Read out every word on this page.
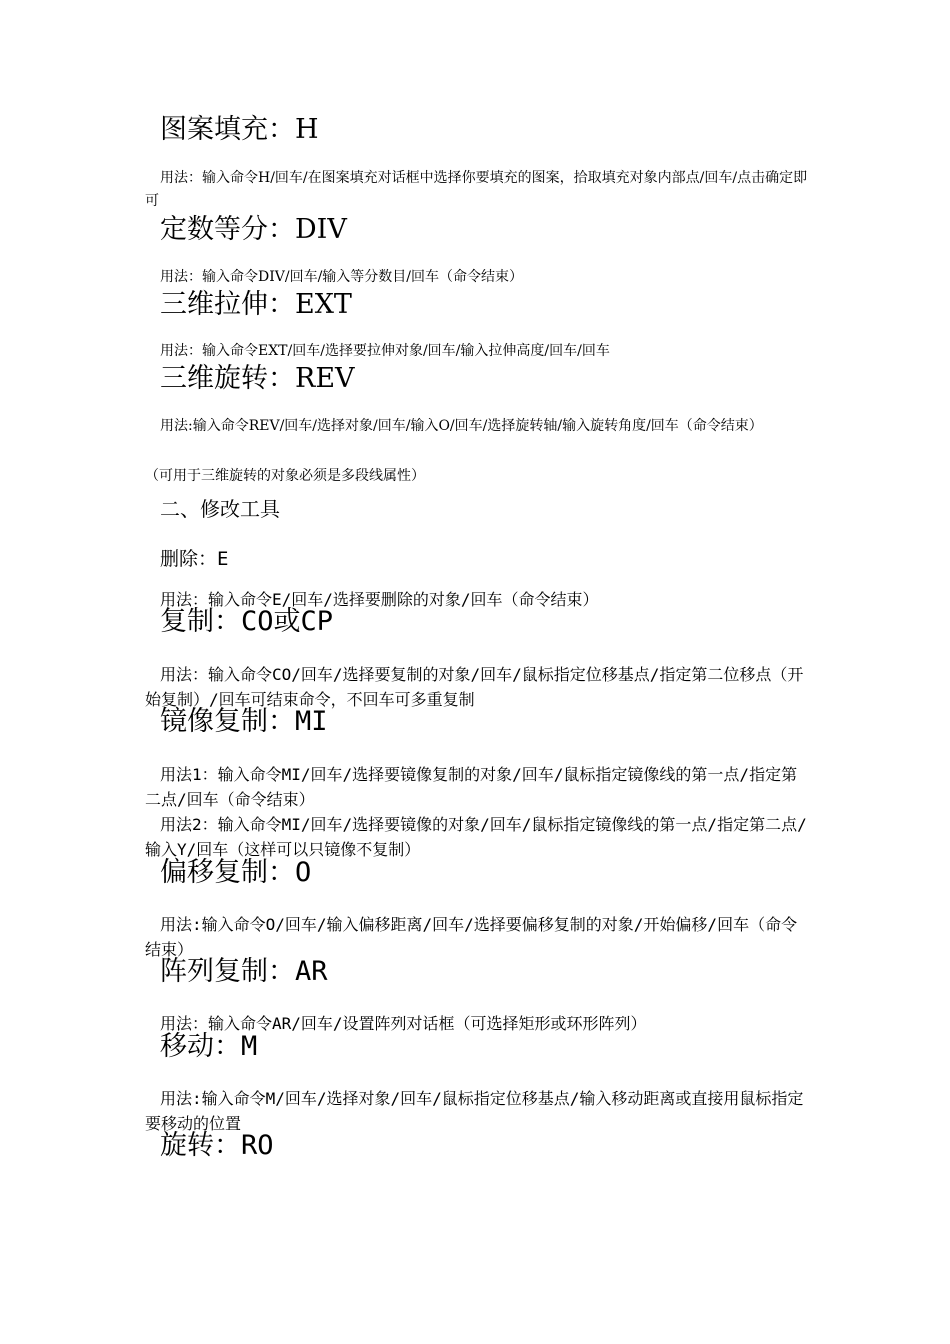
图案填充：H
用法：输入命令H/回车/在图案填充对话框中选择你要填充的图案，拾取填充对象内部点/回车/点击确定即可
定数等分：DIV
用法：输入命令DIV/回车/输入等分数目/回车（命令结束）
三维拉伸：EXT
用法：输入命令EXT/回车/选择要拉伸对象/回车/输入拉伸高度/回车/回车
三维旋转：REV
用法:输入命令REV/回车/选择对象/回车/输入O/回车/选择旋转轴/输入旋转角度/回车（命令结束）
（可用于三维旋转的对象必须是多段线属性）
二、修改工具
删除：E
用法：输入命令E/回车/选择要删除的对象/回车（命令结束）
复制：CO或CP
用法：输入命令CO/回车/选择要复制的对象/回车/鼠标指定位移基点/指定第二位移点（开始复制）/回车可结束命令，不回车可多重复制
镜像复制：MI
用法1：输入命令MI/回车/选择要镜像复制的对象/回车/鼠标指定镜像线的第一点/指定第二点/回车（命令结束）
用法2：输入命令MI/回车/选择要镜像的对象/回车/鼠标指定镜像线的第一点/指定第二点/输入Y/回车（这样可以只镜像不复制）
偏移复制：O
用法:输入命令O/回车/输入偏移距离/回车/选择要偏移复制的对象/开始偏移/回车（命令结束）
阵列复制：AR
用法：输入命令AR/回车/设置阵列对话框（可选择矩形或环形阵列）
移动：M
用法:输入命令M/回车/选择对象/回车/鼠标指定位移基点/输入移动距离或直接用鼠标指定要移动的位置
旋转：RO
